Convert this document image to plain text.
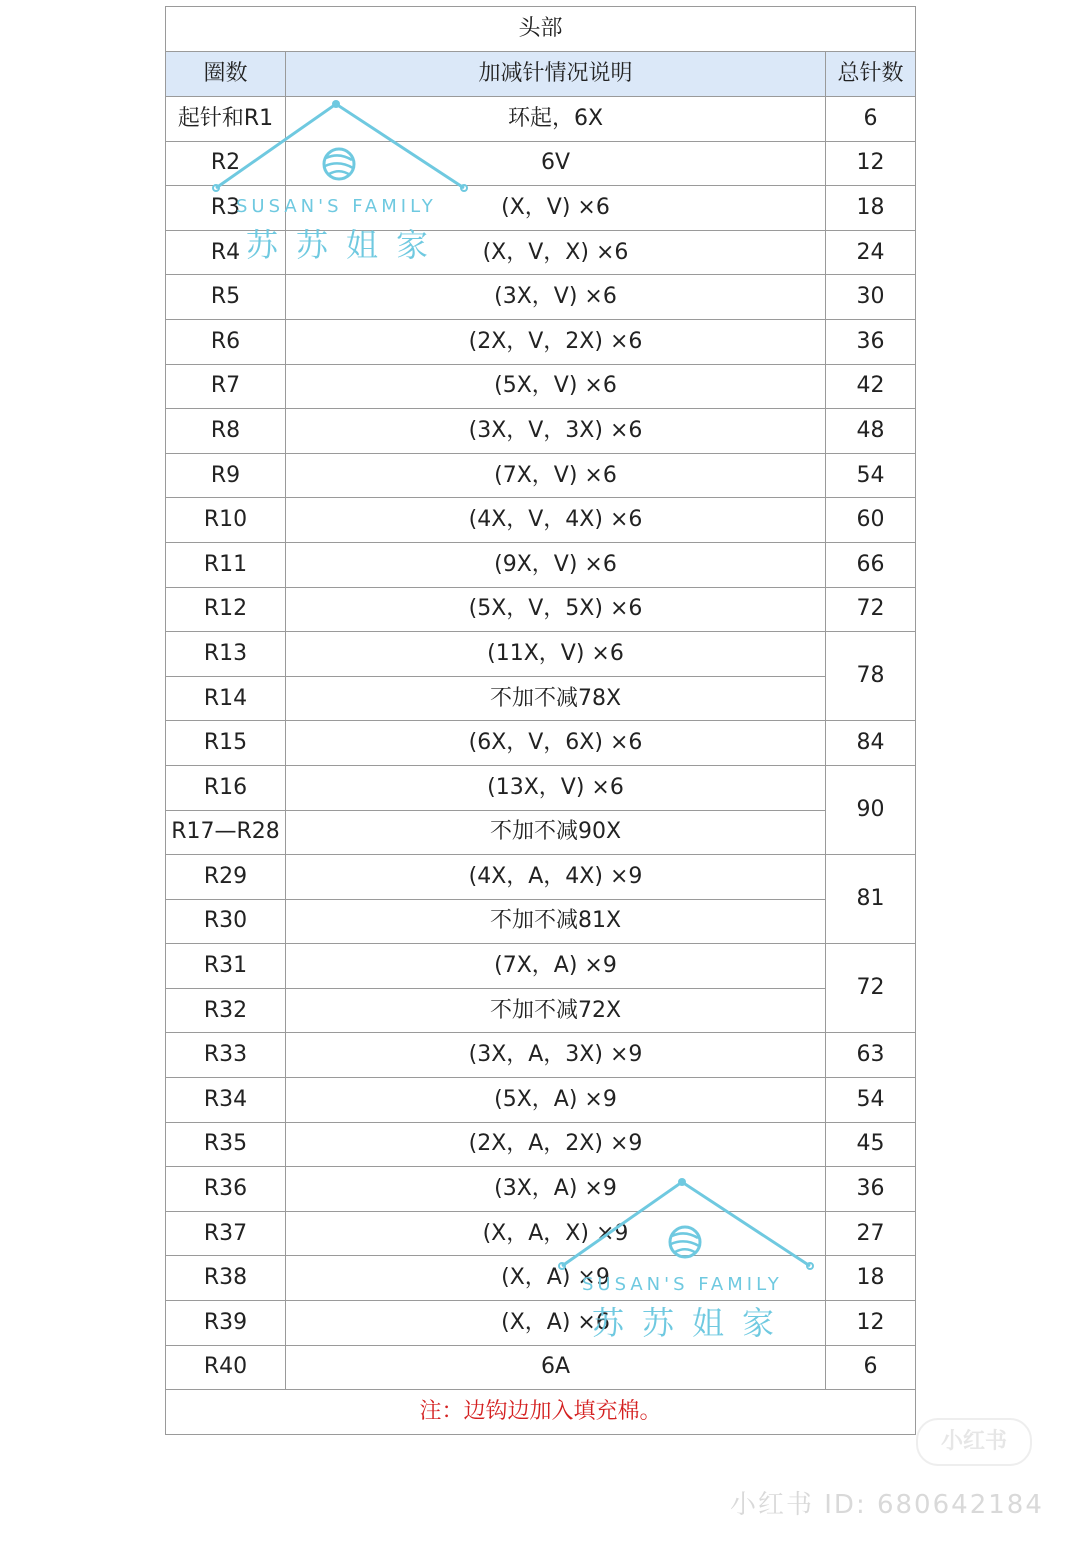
头部		
圈数	加减针情况说明	总针数
起针和R1	环起，6X	6
R2	6V	12
R3	(X，V) ×6	18
R4	(X，V，X) ×6	24
R5	(3X，V) ×6	30
R6	(2X，V，2X) ×6	36
R7	(5X，V) ×6	42
R8	(3X，V，3X) ×6	48
R9	(7X，V) ×6	54
R10	(4X，V，4X) ×6	60
R11	(9X，V) ×6	66
R12	(5X，V，5X) ×6	72
R13	(11X，V) ×6	78
R14	不加不减78X	
R15	(6X，V，6X) ×6	84
R16	(13X，V) ×6	90
R17—R28	不加不减90X	
R29	(4X，A，4X) ×9	81
R30	不加不减81X	
R31	(7X，A) ×9	72
R32	不加不减72X	
R33	(3X，A，3X) ×9	63
R34	(5X，A) ×9	54
R35	(2X，A，2X) ×9	45
R36	(3X，A) ×9	36
R37	(X，A，X) ×9	27
R38	(X，A) ×9	18
R39	(X，A) ×6	12
R40	6A	6
注：边钩边加入填充棉。		
SUSAN'S FAMILY
苏苏姐家
SUSAN'S FAMILY
苏苏姐家
小红书
小红书 ID: 680642184
